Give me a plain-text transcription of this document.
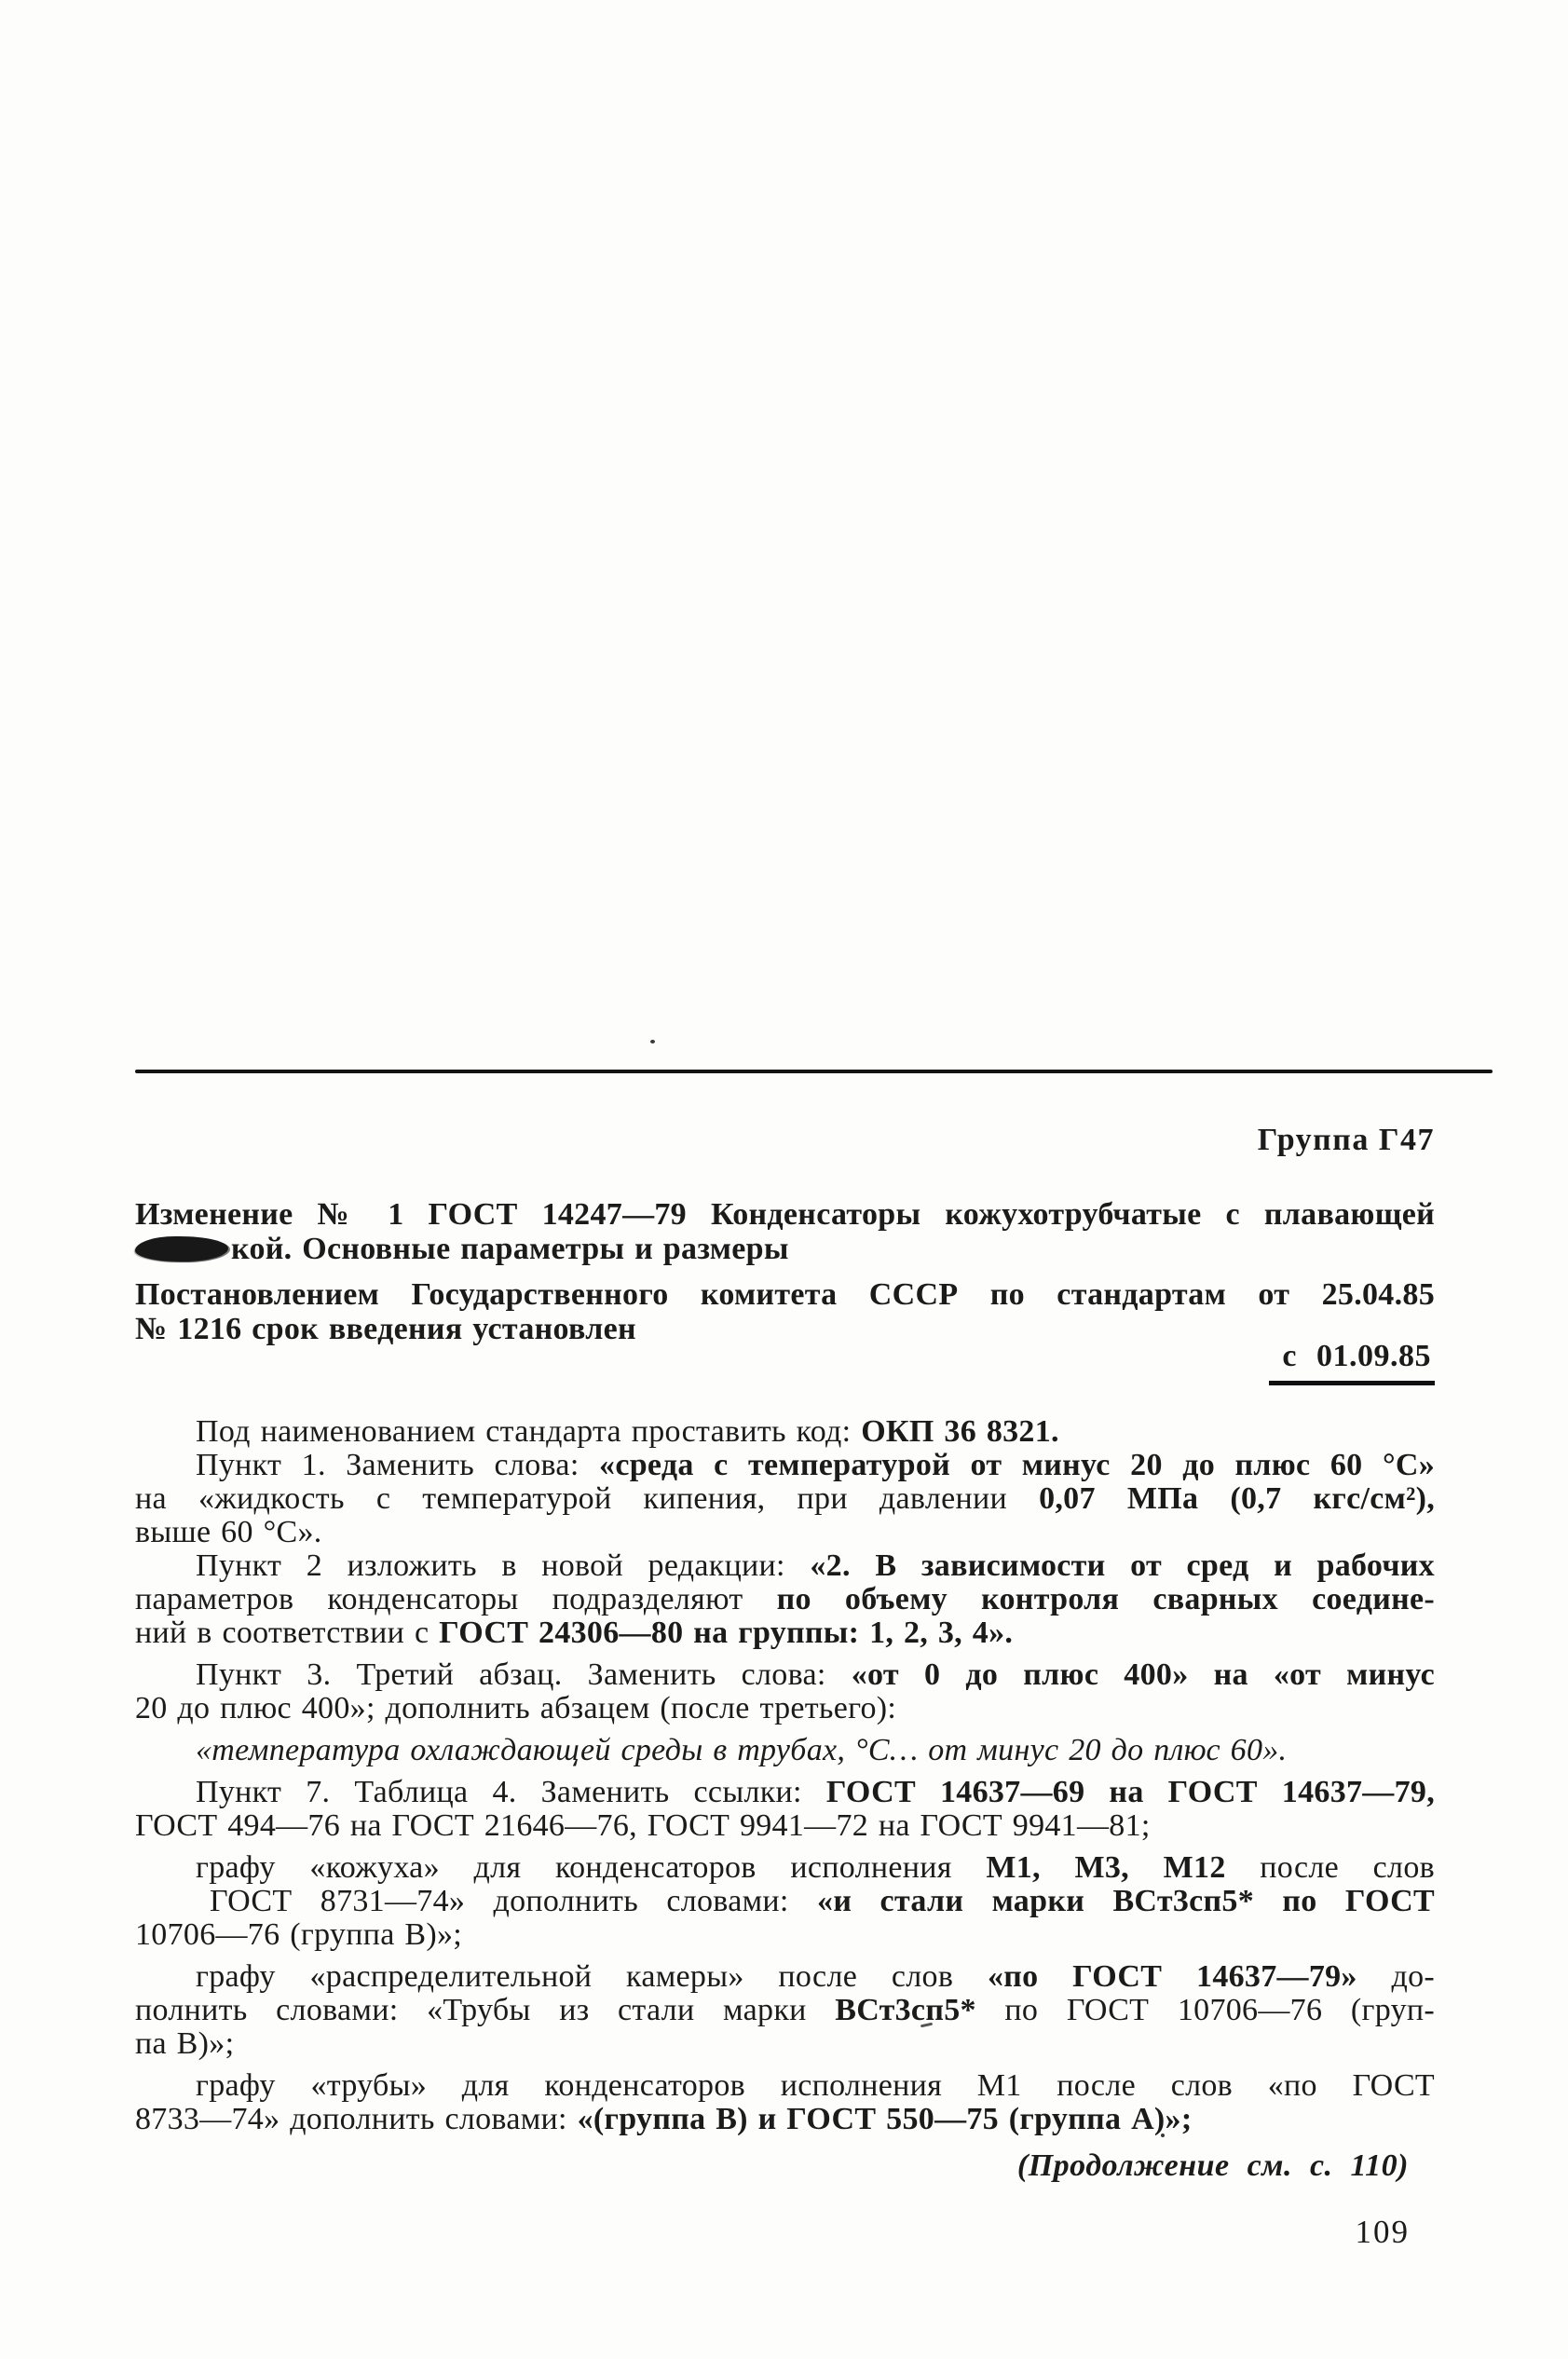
Группа Г47
Изменение № 1 ГОСТ 14247—79 Конденсаторы кожухотрубчатые с плавающей
кой. Основные параметры и размеры
Постановлением Государственного комитета СССР по стандартам от 25.04.85
№ 1216 срок введения установлен
с 01.09.85
Под наименованием стандарта проставить код: ОКП 36 8321.
Пункт 1. Заменить слова: «среда с температурой от минус 20 до плюс 60 °С»
на «жидкость с температурой кипения, при давлении 0,07 МПа (0,7 кгс/см²),
выше 60 °С».
Пункт 2 изложить в новой редакции: «2. В зависимости от сред и рабочих
параметров конденсаторы подразделяют по объему контроля сварных соедине-
ний в соответствии с ГОСТ 24306—80 на группы: 1, 2, 3, 4».
Пункт 3. Третий абзац. Заменить слова: «от 0 до плюс 400» на «от минус
20 до плюс 400»; дополнить абзацем (после третьего):
«температура охлаждающей среды в трубах, °С… от минус 20 до плюс 60».
Пункт 7. Таблица 4. Заменить ссылки: ГОСТ 14637—69 на ГОСТ 14637—79,
ГОСТ 494—76 на ГОСТ 21646—76, ГОСТ 9941—72 на ГОСТ 9941—81;
графу «кожуха» для конденсаторов исполнения М1, М3, М12 после слов
ГОСТ 8731—74» дополнить словами: «и стали марки ВСт3сп5* по ГОСТ
10706—76 (группа В)»;
графу «распределительной камеры» после слов «по ГОСТ 14637—79» до-
полнить словами: «Трубы из стали марки ВСт3сп5* по ГОСТ 10706—76 (груп-
па В)»;
графу «трубы» для конденсаторов исполнения М1 после слов «по ГОСТ
8733—74» дополнить словами: «(группа В) и ГОСТ 550—75 (группа А)»;
(Продолжение см. с. 110)
109
